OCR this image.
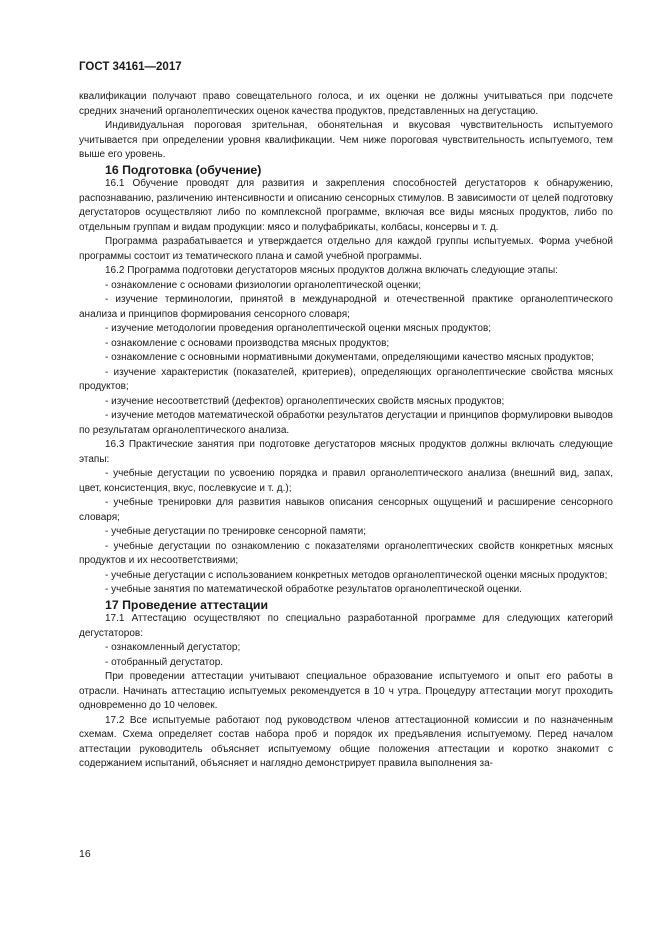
ГОСТ 34161—2017

квалификации получают право совещательного голоса, и их оценки не должны учитываться при подсчете средних значений органолептических оценок качества продуктов, представленных на дегустацию.

Индивидуальная пороговая зрительная, обонятельная и вкусовая чувствительность испытуемого учитывается при определении уровня квалификации. Чем ниже пороговая чувствительность испытуемого, тем выше его уровень.

16 Подготовка (обучение)

16.1 Обучение проводят для развития и закрепления способностей дегустаторов к обнаружению, распознаванию, различению интенсивности и описанию сенсорных стимулов. В зависимости от целей подготовку дегустаторов осуществляют либо по комплексной программе, включая все виды мясных продуктов, либо по отдельным группам и видам продукции: мясо и полуфабрикаты, колбасы, консервы и т. д.

Программа разрабатывается и утверждается отдельно для каждой группы испытуемых. Форма учебной программы состоит из тематического плана и самой учебной программы.

16.2 Программа подготовки дегустаторов мясных продуктов должна включать следующие этапы:

- ознакомление с основами физиологии органолептической оценки;

- изучение терминологии, принятой в международной и отечественной практике органолептического анализа и принципов формирования сенсорного словаря;

- изучение методологии проведения органолептической оценки мясных продуктов;

- ознакомление с основами производства мясных продуктов;

- ознакомление с основными нормативными документами, определяющими качество мясных продуктов;

- изучение характеристик (показателей, критериев), определяющих органолептические свойства мясных продуктов;

- изучение несоответствий (дефектов) органолептических свойств мясных продуктов;

- изучение методов математической обработки результатов дегустации и принципов формулировки выводов по результатам органолептического анализа.

16.3 Практические занятия при подготовке дегустаторов мясных продуктов должны включать следующие этапы:

- учебные дегустации по усвоению порядка и правил органолептического анализа (внешний вид, запах, цвет, консистенция, вкус, послевкусие и т. д.);

- учебные тренировки для развития навыков описания сенсорных ощущений и расширение сенсорного словаря;

- учебные дегустации по тренировке сенсорной памяти;

- учебные дегустации по ознакомлению с показателями органолептических свойств конкретных мясных продуктов и их несоответствиями;

- учебные дегустации с использованием конкретных методов органолептической оценки мясных продуктов;

- учебные занятия по математической обработке результатов органолептической оценки.

17 Проведение аттестации

17.1 Аттестацию осуществляют по специально разработанной программе для следующих категорий дегустаторов:

- ознакомленный дегустатор;

- отобранный дегустатор.

При проведении аттестации учитывают специальное образование испытуемого и опыт его работы в отрасли. Начинать аттестацию испытуемых рекомендуется в 10 ч утра. Процедуру аттестации могут проходить одновременно до 10 человек.

17.2 Все испытуемые работают под руководством членов аттестационной комиссии и по назначенным схемам. Схема определяет состав набора проб и порядок их предъявления испытуемому. Перед началом аттестации руководитель объясняет испытуемому общие положения аттестации и коротко знакомит с содержанием испытаний, объясняет и наглядно демонстрирует правила выполнения за-

16
